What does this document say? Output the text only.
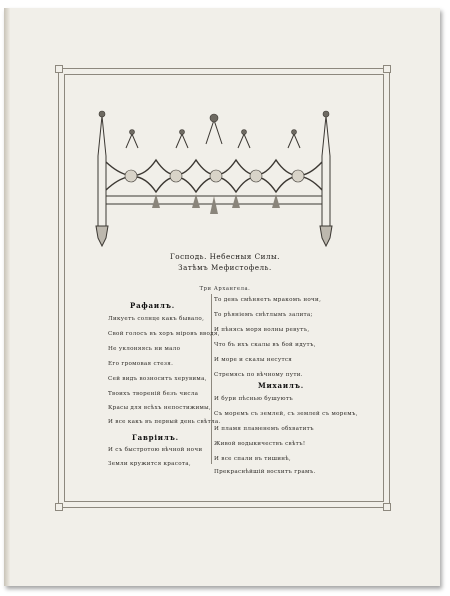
Господь. Небесныя Силы.
Затѣмъ Мефистофель.
Три Архангела.
Рафаилъ.
Ликуетъ солнце какъ бывало,
Свой голосъ въ хоръ міровъ вводя,
Не уклоняясь ни мало
Его громовая стезя.
Сей видъ возноситъ херувима,
Твоихъ твореній безъ числа
Красы для всѣхъ непостижимы,
И все какъ въ первый день свѣтла.
Гавріилъ.
И съ быстротою вѣчной ночи
Земли кружится красота,
То день смѣняетъ мракомъ ночи,
То рѣяніемъ свѣтлымъ залита;
И пѣнясь моря волны ревутъ,
Что бъ ихъ скалы въ бой идутъ,
И море и скалы несутся
Стремясь по вѣчному пути.
Михаилъ.
И бури пѣснью бушуютъ
Съ моремъ съ землей, съ землей съ моремъ,
И пламя пламенемъ обхватитъ
Живой водыкичествъ свѣтъ!
И все спали въ тишинѣ,
Прекраснѣйшій восхитъ грамъ.
